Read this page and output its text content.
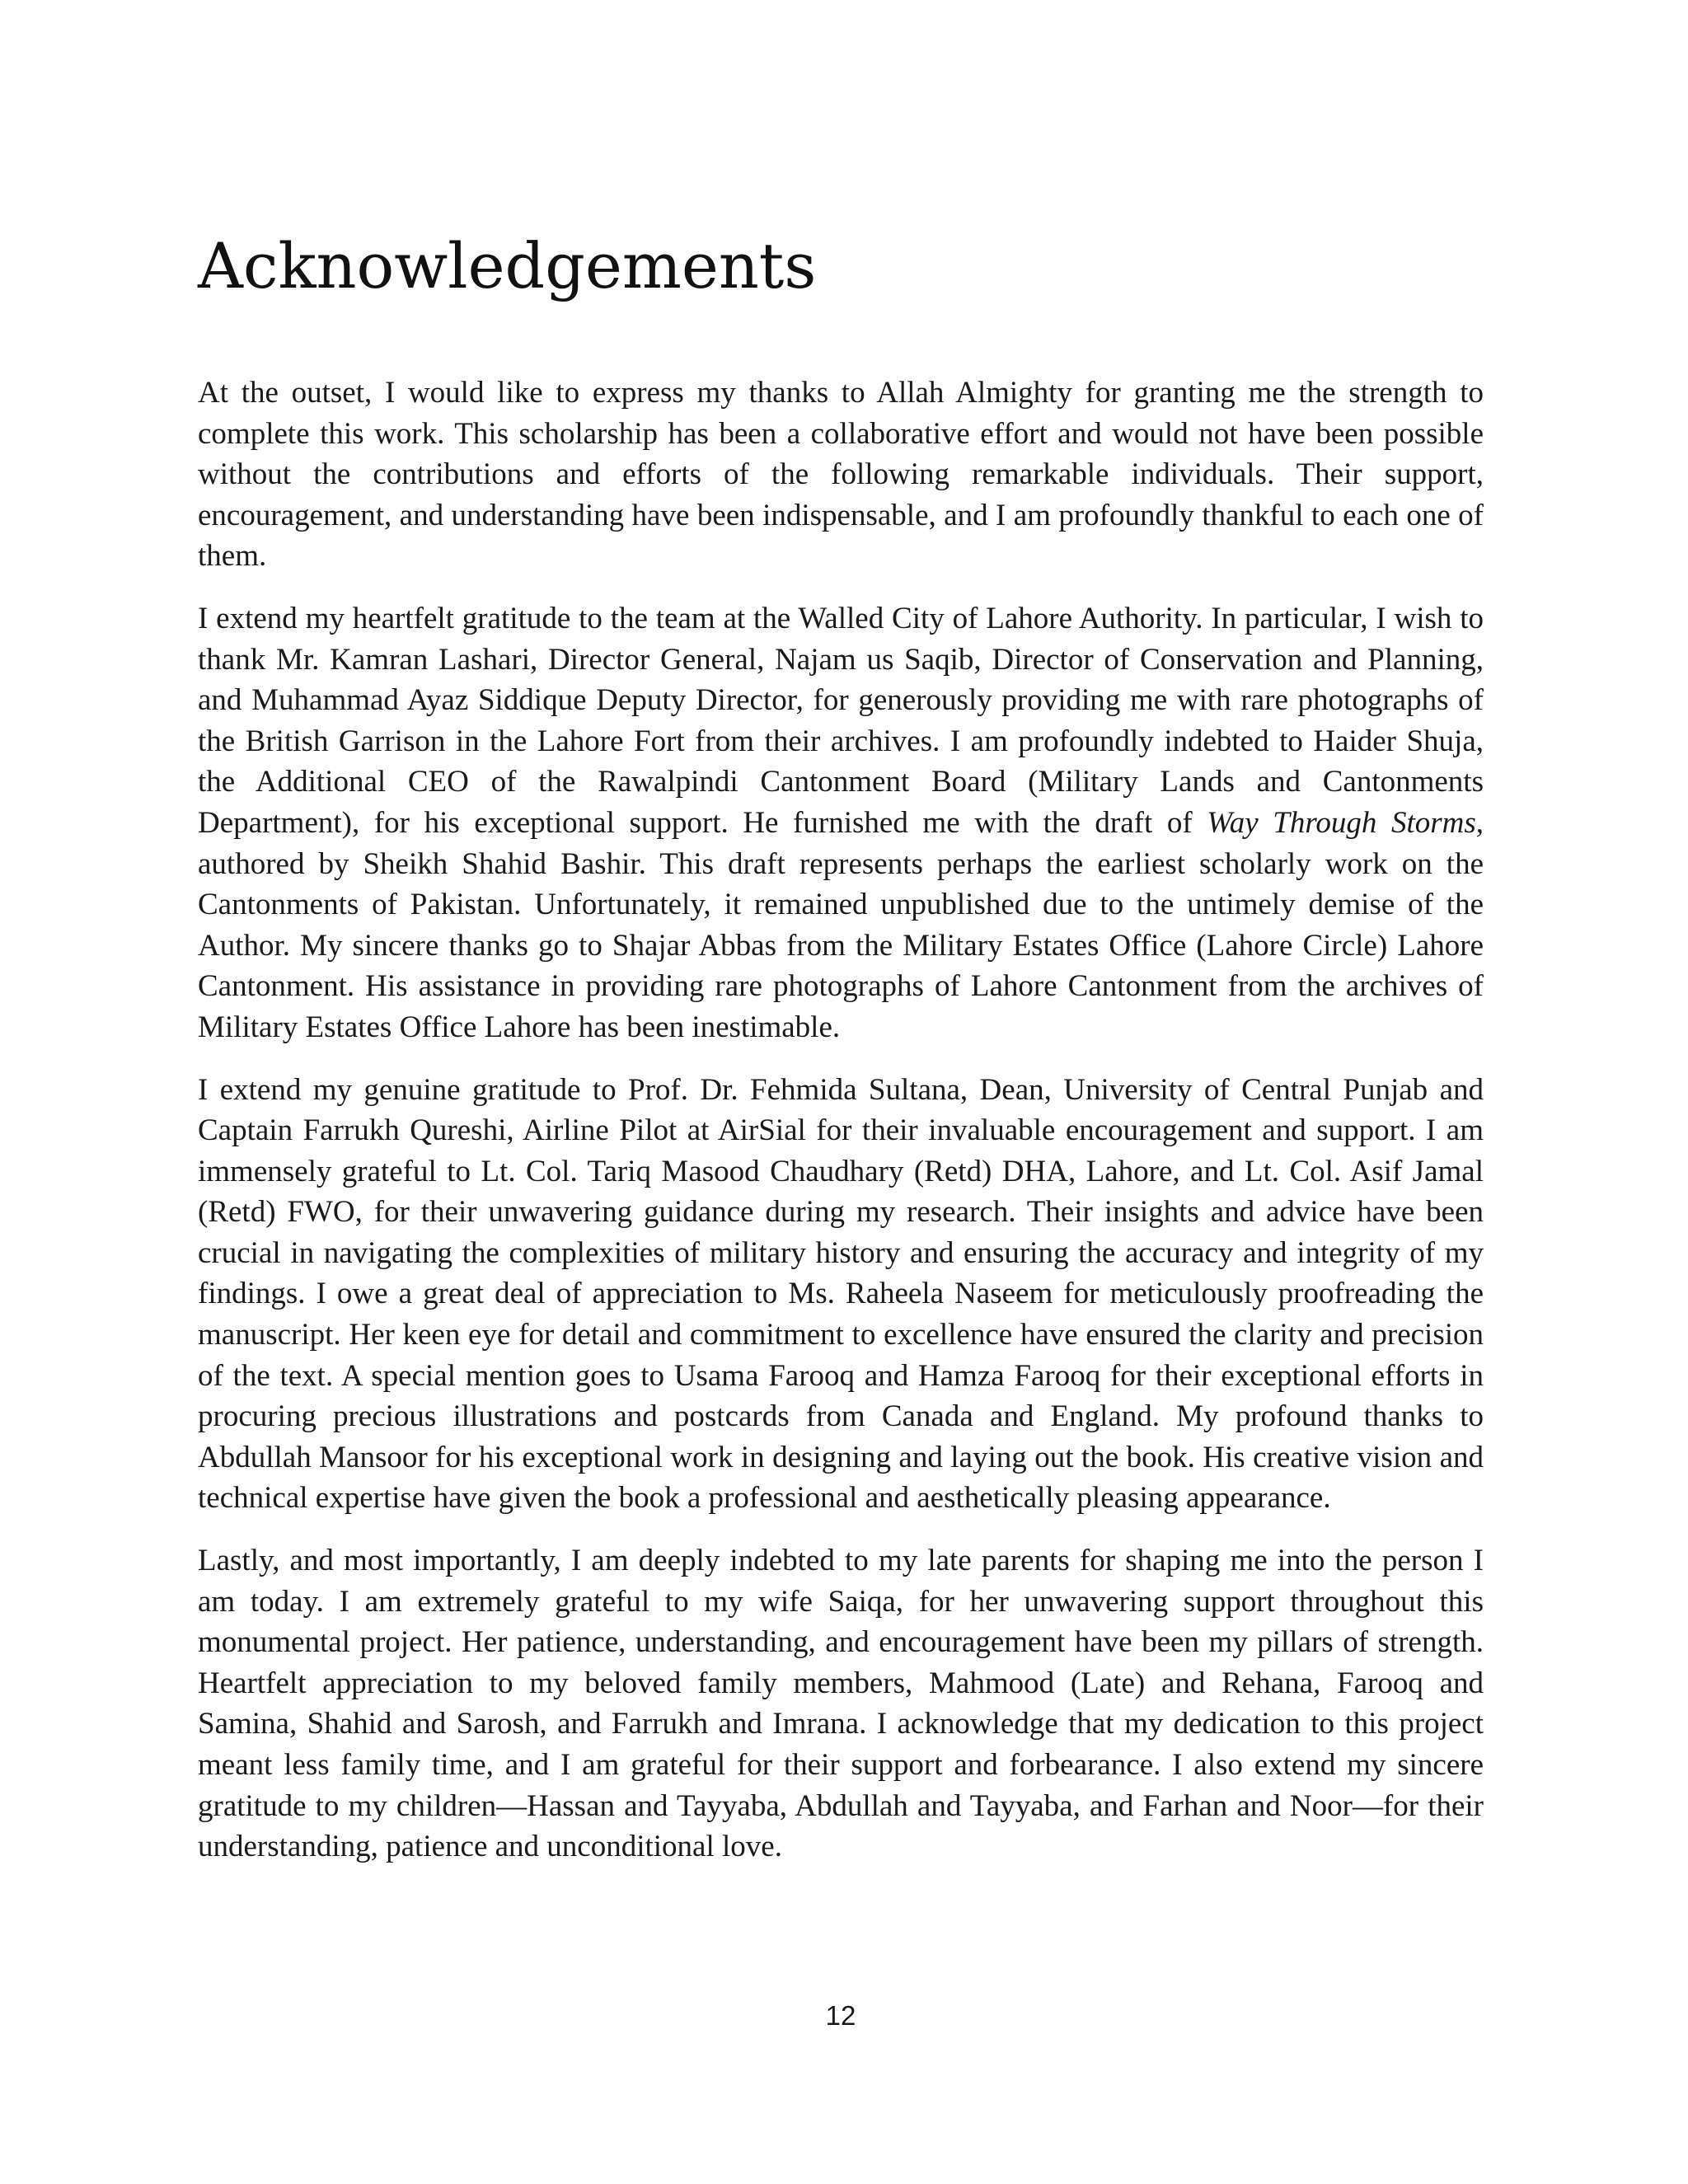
Acknowledgements

At the outset, I would like to express my thanks to Allah Almighty for granting me the strength to complete this work. This scholarship has been a collaborative effort and would not have been possible without the contributions and efforts of the following remarkable individuals. Their support, encouragement, and understanding have been indispensable, and I am profoundly thankful to each one of them.

I extend my heartfelt gratitude to the team at the Walled City of Lahore Authority. In particular, I wish to thank Mr. Kamran Lashari, Director General, Najam us Saqib, Director of Conservation and Planning, and Muhammad Ayaz Siddique Deputy Director, for generously providing me with rare photographs of the British Garrison in the Lahore Fort from their archives. I am profoundly indebted to Haider Shuja, the Additional CEO of the Rawalpindi Cantonment Board (Military Lands and Cantonments Department), for his exceptional support. He furnished me with the draft of Way Through Storms, authored by Sheikh Shahid Bashir. This draft represents perhaps the earliest scholarly work on the Cantonments of Pakistan. Unfortunately, it remained unpublished due to the untimely demise of the Author. My sincere thanks go to Shajar Abbas from the Military Estates Office (Lahore Circle) Lahore Cantonment. His assistance in providing rare photographs of Lahore Cantonment from the archives of Military Estates Office Lahore has been inestimable.

I extend my genuine gratitude to Prof. Dr. Fehmida Sultana, Dean, University of Central Punjab and Captain Farrukh Qureshi, Airline Pilot at AirSial for their invaluable encouragement and support. I am immensely grateful to Lt. Col. Tariq Masood Chaudhary (Retd) DHA, Lahore, and Lt. Col. Asif Jamal (Retd) FWO, for their unwavering guidance during my research. Their insights and advice have been crucial in navigating the complexities of military history and ensuring the accuracy and integrity of my findings. I owe a great deal of appreciation to Ms. Raheela Naseem for meticulously proofreading the manuscript. Her keen eye for detail and commitment to excellence have ensured the clarity and precision of the text. A special mention goes to Usama Farooq and Hamza Farooq for their exceptional efforts in procuring precious illustrations and postcards from Canada and England. My profound thanks to Abdullah Mansoor for his exceptional work in designing and laying out the book. His creative vision and technical expertise have given the book a professional and aesthetically pleasing appearance.

Lastly, and most importantly, I am deeply indebted to my late parents for shaping me into the person I am today. I am extremely grateful to my wife Saiqa, for her unwavering support throughout this monumental project. Her patience, understanding, and encouragement have been my pillars of strength. Heartfelt appreciation to my beloved family members, Mahmood (Late) and Rehana, Farooq and Samina, Shahid and Sarosh, and Farrukh and Imrana. I acknowledge that my dedication to this project meant less family time, and I am grateful for their support and forbearance. I also extend my sincere gratitude to my children—Hassan and Tayyaba, Abdullah and Tayyaba, and Farhan and Noor—for their understanding, patience and unconditional love.

12
